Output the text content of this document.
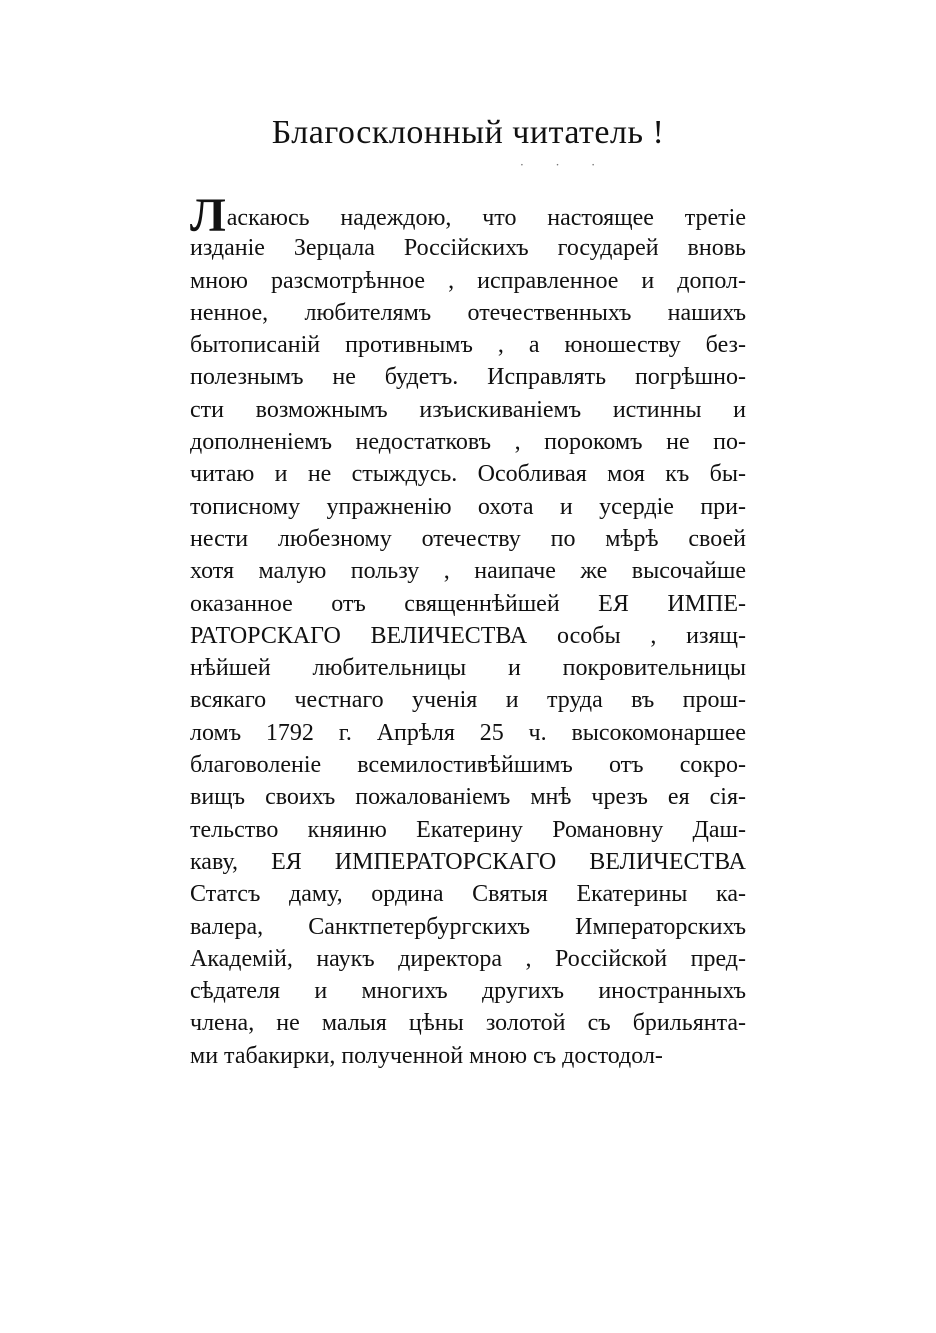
Благосклонный читатель !
· · ·
Ласкаюсь надеждою, что настоящее третіе
изданіе Зерцала Россійскихъ государей вновь
мною разсмотрѣнное , исправленное и допол-
ненное, любителямъ отечественныхъ нашихъ
бытописаній противнымъ , а юношеству без-
полезнымъ не будетъ. Исправлять погрѣшно-
сти возможнымъ изъискиваніемъ истинны и
дополненіемъ недостатковъ , порокомъ не по-
читаю и не стыждусь. Особливая моя къ бы-
тописному упражненію охота и усердіе при-
нести любезному отечеству по мѣрѣ своей
хотя малую пользу , наипаче же высочайше
оказанное отъ священнѣйшей ЕЯ ИМПЕ-
РАТОРСКАГО ВЕЛИЧЕСТВА особы , изящ-
нѣйшей любительницы и покровительницы
всякаго честнаго ученія и труда въ прош-
ломъ 1792 г. Апрѣля 25 ч. высокомонаршее
благоволеніе всемилостивѣйшимъ отъ сокро-
вищъ своихъ пожалованіемъ мнѣ чрезъ ея сія-
тельство княиню Екатерину Романовну Даш-
каву, ЕЯ ИМПЕРАТОРСКАГО ВЕЛИЧЕСТВА
Статсъ даму, ордина Святыя Екатерины ка-
валера, Санктпетербургскихъ Императорскихъ
Академій, наукъ директора , Россійской пред-
сѣдателя и многихъ другихъ иностранныхъ
члена, не малыя цѣны золотой съ брильянта-
ми табакирки, полученной мною съ достодол-
